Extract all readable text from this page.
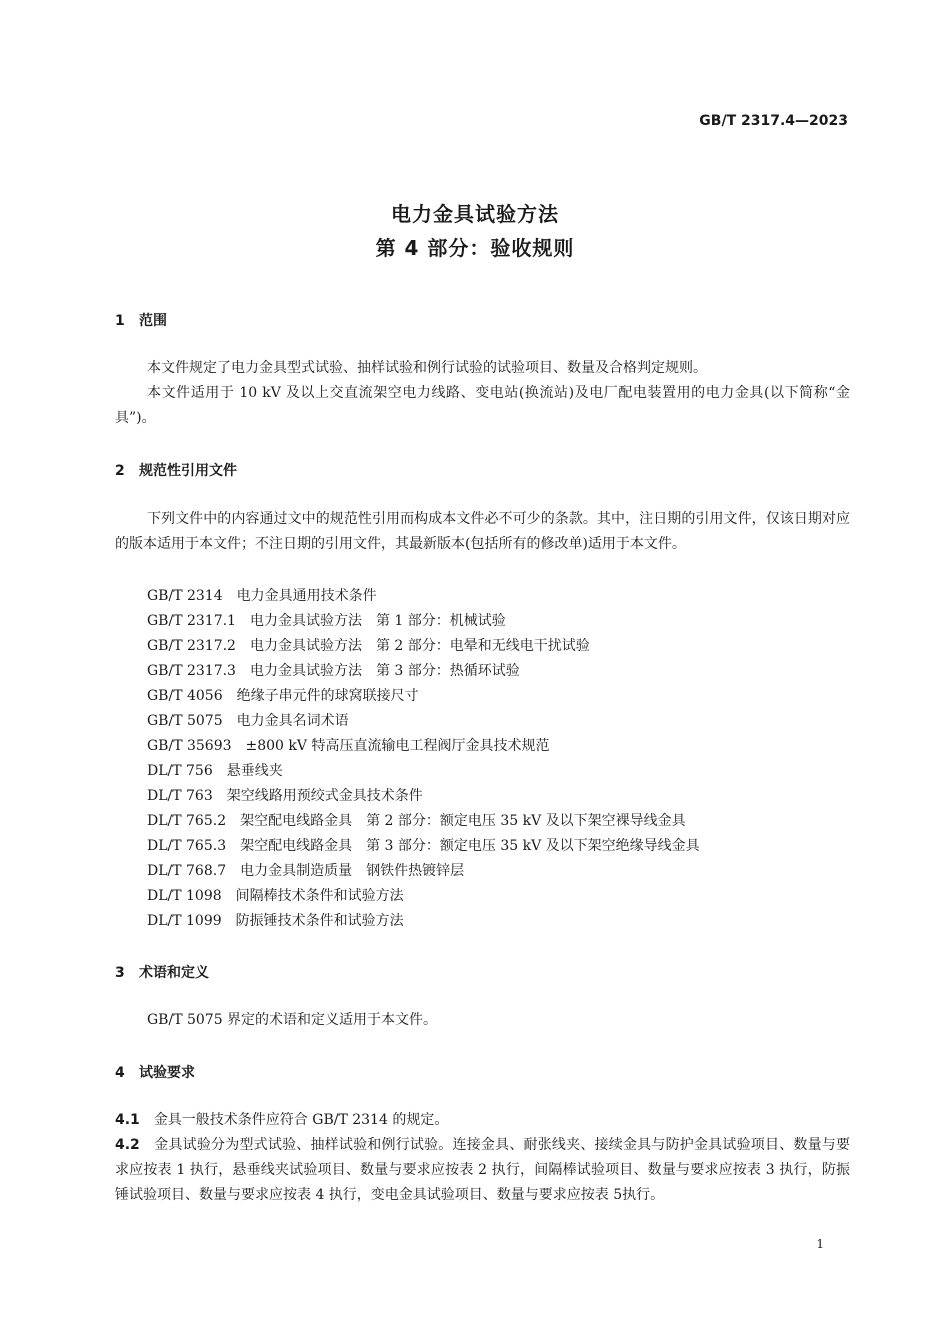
GB/T 2317.4—2023
电力金具试验方法
第 4 部分：验收规则
1 范围

本文件规定了电力金具型式试验、抽样试验和例行试验的试验项目、数量及合格判定规则。

本文件适用于 10 kV 及以上交直流架空电力线路、变电站(换流站)及电厂配电装置用的电力金具(以下简称“金具”)。

2 规范性引用文件

下列文件中的内容通过文中的规范性引用而构成本文件必不可少的条款。其中，注日期的引用文件，仅该日期对应的版本适用于本文件；不注日期的引用文件，其最新版本(包括所有的修改单)适用于本文件。

GB/T 2314　电力金具通用技术条件
GB/T 2317.1　电力金具试验方法　第 1 部分：机械试验
GB/T 2317.2　电力金具试验方法　第 2 部分：电晕和无线电干扰试验
GB/T 2317.3　电力金具试验方法　第 3 部分：热循环试验
GB/T 4056　绝缘子串元件的球窝联接尺寸
GB/T 5075　电力金具名词术语
GB/T 35693　±800 kV 特高压直流输电工程阀厅金具技术规范
DL/T 756　悬垂线夹
DL/T 763　架空线路用预绞式金具技术条件
DL/T 765.2　架空配电线路金具　第 2 部分：额定电压 35 kV 及以下架空裸导线金具
DL/T 765.3　架空配电线路金具　第 3 部分：额定电压 35 kV 及以下架空绝缘导线金具
DL/T 768.7　电力金具制造质量　钢铁件热镀锌层
DL/T 1098　间隔棒技术条件和试验方法
DL/T 1099　防振锤技术条件和试验方法
3 术语和定义

GB/T 5075 界定的术语和定义适用于本文件。

4 试验要求

4.1　 金具一般技术条件应符合 GB/T 2314 的规定。

4.2　 金具试验分为型式试验、抽样试验和例行试验。连接金具、耐张线夹、接续金具与防护金具试验项目、数量与要求应按表 1 执行，悬垂线夹试验项目、数量与要求应按表 2 执行，间隔棒试验项目、数量与要求应按表 3 执行，防振锤试验项目、数量与要求应按表 4 执行，变电金具试验项目、数量与要求应按表 5执行。

1
